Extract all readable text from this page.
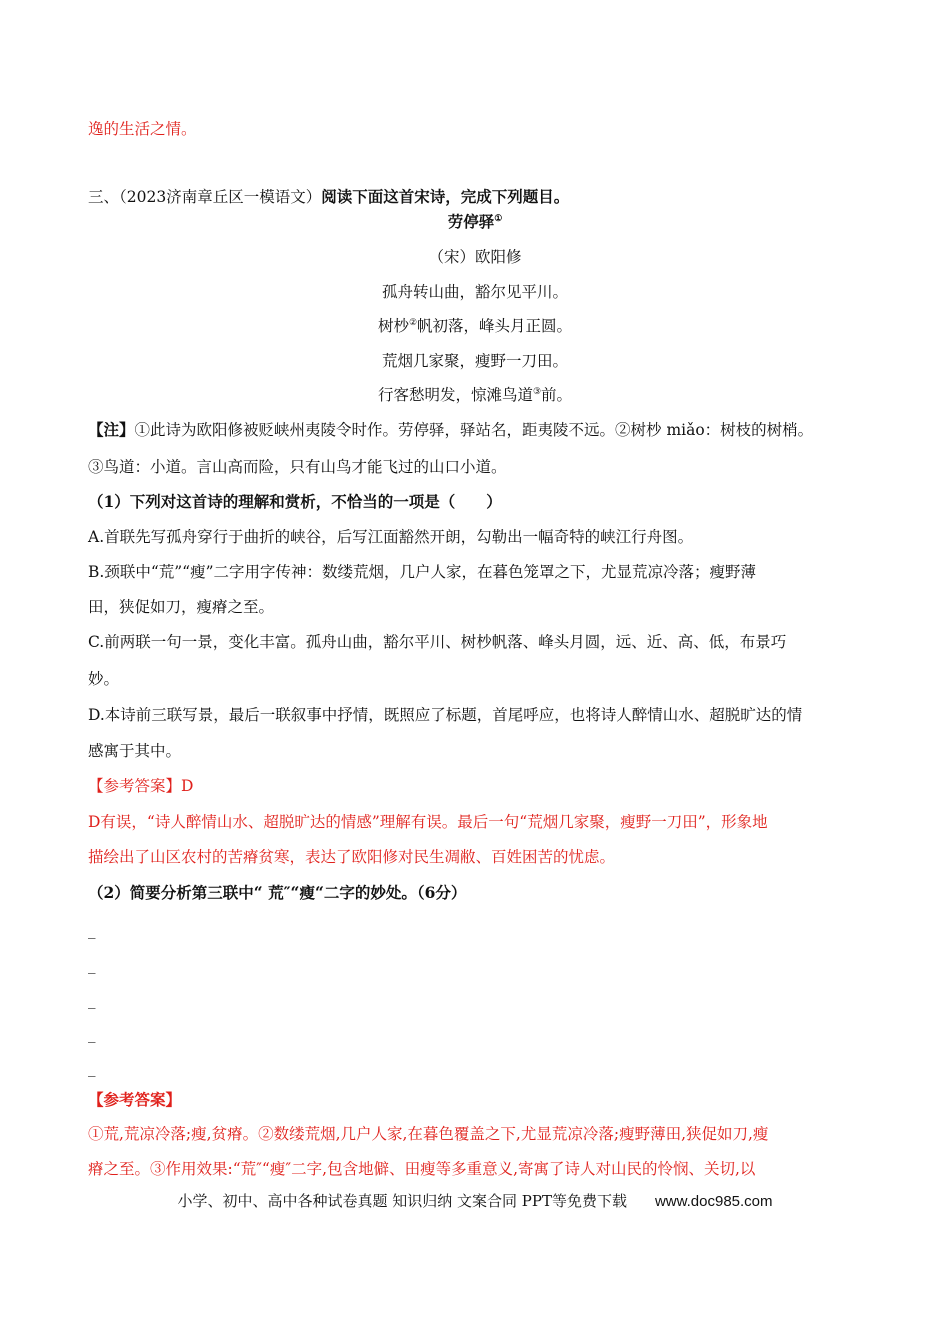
逸的生活之情。
三、（2023济南章丘区一模语文）阅读下面这首宋诗，完成下列题目。
劳停驿①
（宋）欧阳修
孤舟转山曲，豁尔见平川。
树杪②帆初落，峰头月正圆。
荒烟几家聚，瘦野一刀田。
行客愁明发，惊滩鸟道③前。
【注】①此诗为欧阳修被贬峡州夷陵令时作。劳停驿，驿站名，距夷陵不远。②树杪 miǎo：树枝的树梢。
③鸟道：小道。言山高而险，只有山鸟才能飞过的山口小道。
（1）下列对这首诗的理解和赏析，不恰当的一项是（　　）
A.首联先写孤舟穿行于曲折的峡谷，后写江面豁然开朗，勾勒出一幅奇特的峡江行舟图。
B.颈联中“荒”“瘦”二字用字传神：数缕荒烟，几户人家，在暮色笼罩之下，尤显荒凉冷落；瘦野薄
田，狭促如刀，瘦瘠之至。
C.前两联一句一景，变化丰富。孤舟山曲，豁尔平川、树杪帆落、峰头月圆，远、近、高、低，布景巧
妙。
D.本诗前三联写景，最后一联叙事中抒情，既照应了标题，首尾呼应，也将诗人醉情山水、超脱旷达的情
感寓于其中。
【参考答案】D
D有误，“诗人醉情山水、超脱旷达的情感”理解有误。最后一句“荒烟几家聚，瘦野一刀田”，形象地
描绘出了山区农村的苦瘠贫寒，表达了欧阳修对民生凋敝、百姓困苦的忧虑。
（2）简要分析第三联中“ 荒″“瘦“二字的妙处。（6分）
_
_
_
_
_
【参考答案】
①荒,荒凉冷落;瘦,贫瘠。②数缕荒烟,几户人家,在暮色覆盖之下,尤显荒凉冷落;瘦野薄田,狭促如刀,瘦
瘠之至。③作用效果:“荒″“瘦″二字,包含地僻、田瘦等多重意义,寄寓了诗人对山民的怜悯、关切,以
小学、初中、高中各种试卷真题 知识归纳 文案合同 PPT等免费下载 www.doc985.com
